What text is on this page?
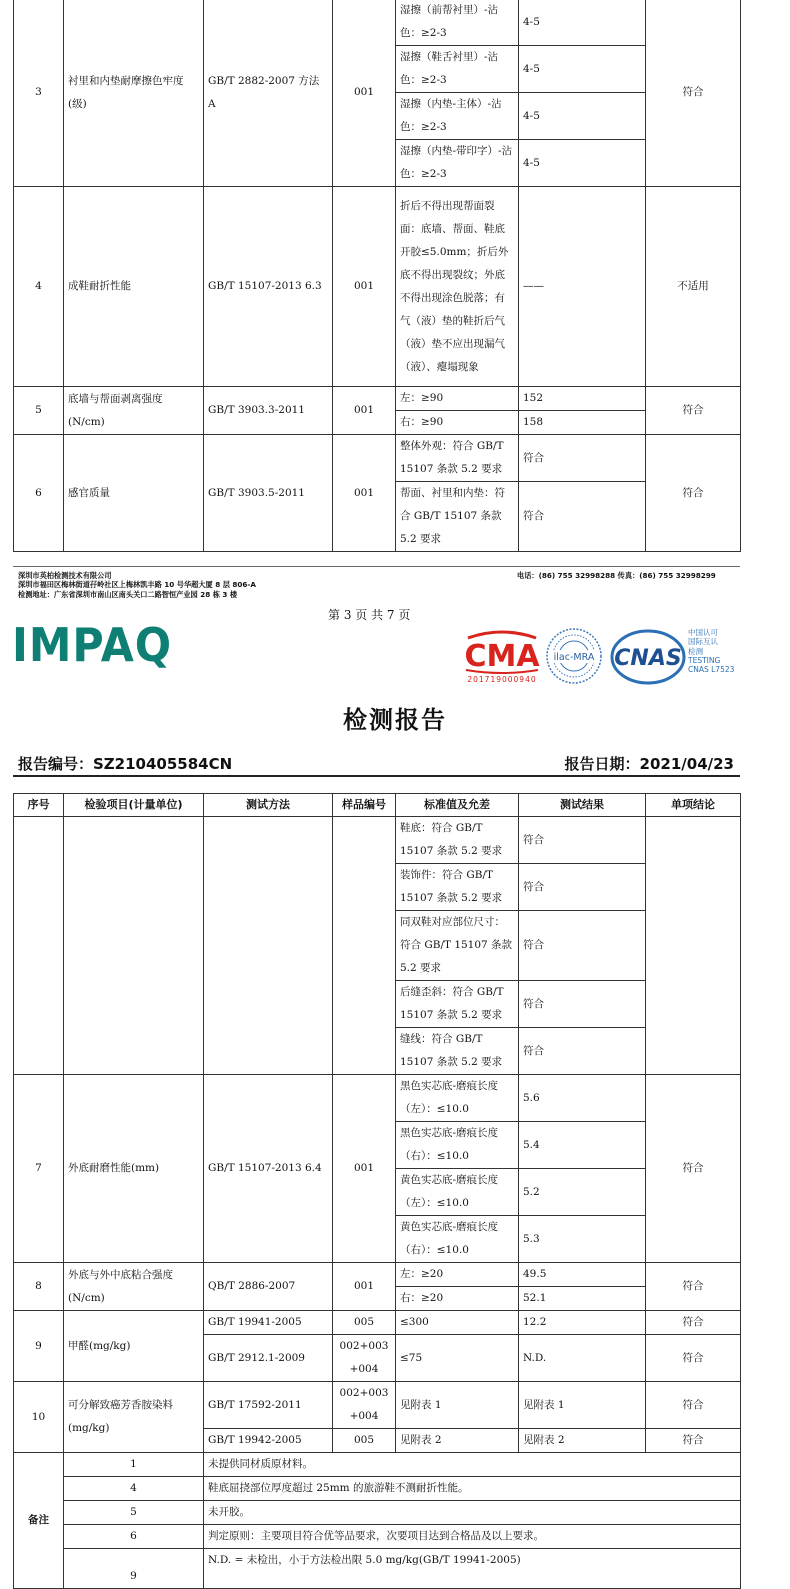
3	衬里和内垫耐摩擦色牢度(级)	GB/T 2882-2007 方法 A	001	湿擦（前帮衬里）-沾色：≥2-3	4-5	符合
				湿擦（鞋舌衬里）-沾色：≥2-3	4-5	
				湿擦（内垫-主体）-沾色：≥2-3	4-5	
				湿擦（内垫-带印字）-沾色：≥2-3	4-5	
4	成鞋耐折性能	GB/T 15107-2013 6.3	001	折后不得出现帮面裂面：底墙、帮面、鞋底开胶≤5.0mm；折后外底不得出现裂纹；外底不得出现涂色脱落；有气（液）垫的鞋折后气（液）垫不应出现漏气（液）、瘪塌现象	——	不适用
5	底墙与帮面剥离强度(N/cm)	GB/T 3903.3-2011	001	左：≥90	152	符合
				右：≥90	158	
6	感官质量	GB/T 3903.5-2011	001	整体外观：符合 GB/T 15107 条款 5.2 要求	符合	符合
				帮面、衬里和内垫：符合 GB/T 15107 条款 5.2 要求	符合	
深圳市英柏检测技术有限公司
深圳市福田区梅林街道孖岭社区上梅林凯丰路 10 号华超大厦 8 层 806-A
检测地址：广东省深圳市南山区南头关口二路智恒产业园 28 栋 3 楼
电话：(86) 755 32998288 传真：(86) 755 32998299
第 3 页 共 7 页
IMPAQ	CMA
201719000940
ilac-MRA CNAS
中国认可
国际互认
检测
TESTING
CNAS L7523
检测报告
报告编号：SZ210405584CN	报告日期：2021/04/23
序号	检验项目(计量单位)	测试方法	样品编号	标准值及允差	测试结果	单项结论
				鞋底：符合 GB/T 15107 条款 5.2 要求	符合	
				装饰件：符合 GB/T 15107 条款 5.2 要求	符合	
				同双鞋对应部位尺寸：符合 GB/T 15107 条款 5.2 要求	符合	
				后缝歪斜：符合 GB/T 15107 条款 5.2 要求	符合	
				缝线：符合 GB/T 15107 条款 5.2 要求	符合	
7	外底耐磨性能(mm)	GB/T 15107-2013 6.4	001	黑色实芯底-磨痕长度（左）：≤10.0	5.6	符合
				黑色实芯底-磨痕长度（右）：≤10.0	5.4	
				黄色实芯底-磨痕长度（左）：≤10.0	5.2	
				黄色实芯底-磨痕长度（右）：≤10.0	5.3	
8	外底与外中底粘合强度(N/cm)	QB/T 2886-2007	001	左：≥20	49.5	符合
				右：≥20	52.1	
9	甲醛(mg/kg)	GB/T 19941-2005	005	≤300	12.2	符合
		GB/T 2912.1-2009	002+003+004	≤75	N.D.	符合
10	可分解致癌芳香胺染料(mg/kg)	GB/T 17592-2011	002+003+004	见附表 1	见附表 1	符合
		GB/T 19942-2005	005	见附表 2	见附表 2	符合
备注	1	未提供同材质原材料。				
	4	鞋底屈挠部位厚度超过 25mm 的旅游鞋不测耐折性能。				
	5	未开胶。				
	6	判定原则：主要项目符合优等品要求，次要项目达到合格品及以上要求。				
	9	N.D. = 未检出，小于方法检出限 5.0 mg/kg(GB/T 19941-2005)				
